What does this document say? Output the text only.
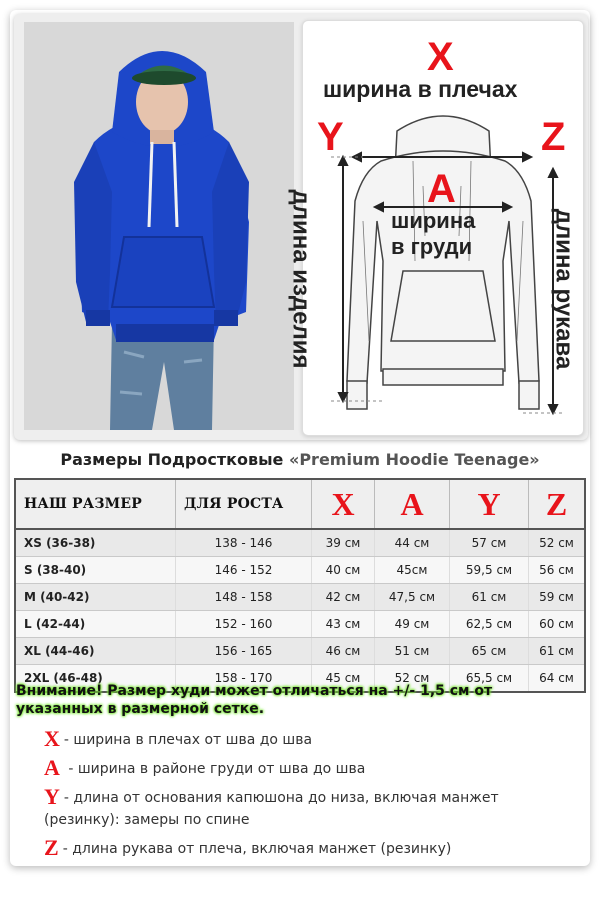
X
ширина в плечах
Y	Z
A
ширина
в груди
длина изделия	длина рукава
Размеры Подростковые «Premium Hoodie Teenage»
НАШ РАЗМЕР	ДЛЯ РОСТА	X	A	Y	Z
XS (36-38)	138 - 146	39 см	44 см	57 см	52 см
S (38-40)	146 - 152	40 см	45см	59,5 см	56 см
M (40-42)	148 - 158	42 см	47,5 см	61 см	59 см
L (42-44)	152 - 160	43 см	49 см	62,5 см	60 см
XL (44-46)	156 - 165	46 см	51 см	65 см	61 см
2XL (46-48)	158 - 170	45 см	52 см	65,5 см	64 см
Внимание! Размер худи может отличаться на +/- 1,5 см от указанных в размерной сетке.
X - ширина в плечах от шва до шва
A - ширина в районе груди от шва до шва
Y - длина от основания капюшона до низа, включая манжет (резинку): замеры по спине
Z - длина рукава от плеча, включая манжет (резинку)
